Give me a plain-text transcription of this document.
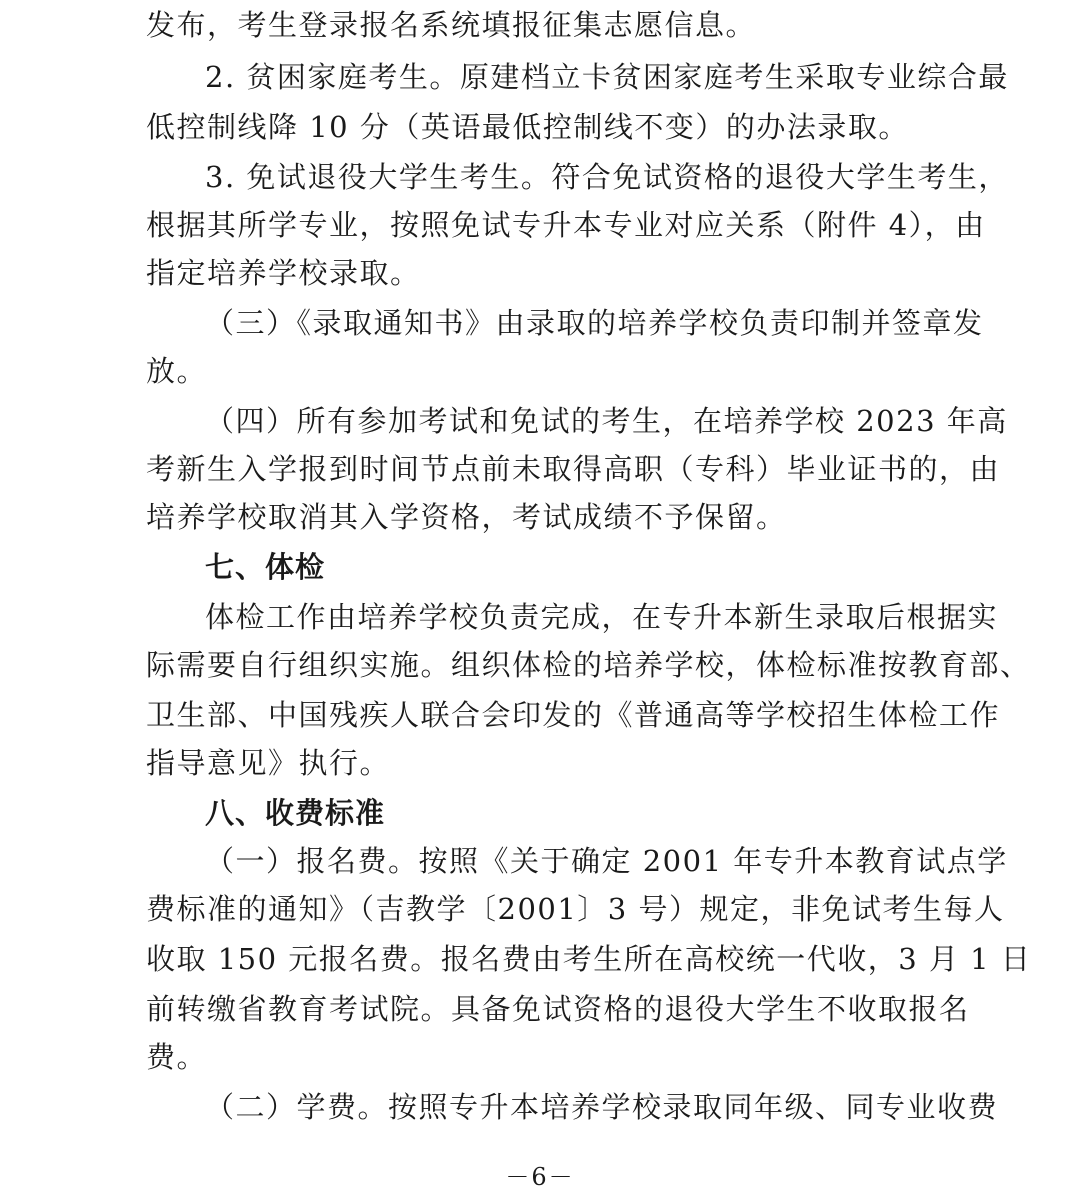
发布，考生登录报名系统填报征集志愿信息。
2. 贫困家庭考生。原建档立卡贫困家庭考生采取专业综合最
低控制线降 10 分（英语最低控制线不变）的办法录取。
3. 免试退役大学生考生。符合免试资格的退役大学生考生，
根据其所学专业，按照免试专升本专业对应关系（附件 4），由
指定培养学校录取。
（三）《录取通知书》由录取的培养学校负责印制并签章发
放。
（四）所有参加考试和免试的考生，在培养学校 2023 年高
考新生入学报到时间节点前未取得高职（专科）毕业证书的，由
培养学校取消其入学资格，考试成绩不予保留。
七、体检
体检工作由培养学校负责完成，在专升本新生录取后根据实
际需要自行组织实施。组织体检的培养学校，体检标准按教育部、
卫生部、中国残疾人联合会印发的《普通高等学校招生体检工作
指导意见》执行。
八、收费标准
（一）报名费。按照《关于确定 2001 年专升本教育试点学
费标准的通知》（吉教学〔2001〕3 号）规定，非免试考生每人
收取 150 元报名费。报名费由考生所在高校统一代收，3 月 1 日
前转缴省教育考试院。具备免试资格的退役大学生不收取报名
费。
（二）学费。按照专升本培养学校录取同年级、同专业收费
－6－
